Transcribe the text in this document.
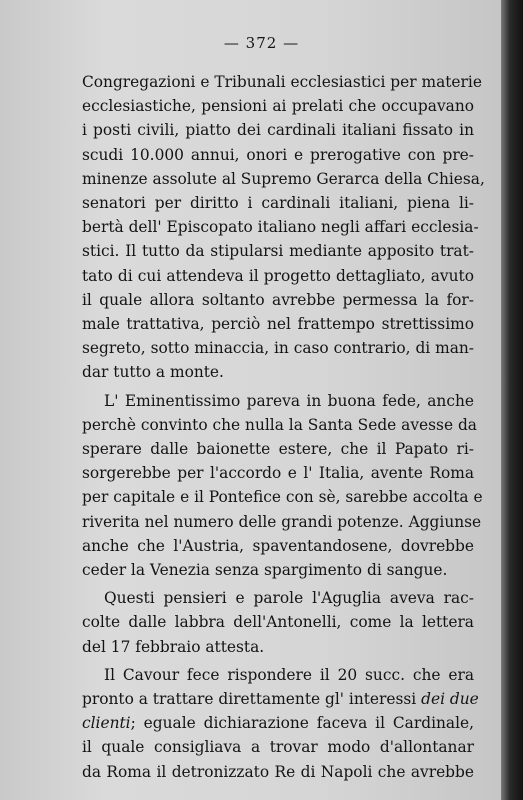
— 372 —
Congregazioni e Tribunali ecclesiastici per materie
ecclesiastiche, pensioni ai prelati che occupavano
i posti civili, piatto dei cardinali italiani fissato in
scudi 10.000 annui, onori e prerogative con pre-
minenze assolute al Supremo Gerarca della Chiesa,
senatori per diritto i cardinali italiani, piena li-
bertà dell' Episcopato italiano negli affari ecclesia-
stici. Il tutto da stipularsi mediante apposito trat-
tato di cui attendeva il progetto dettagliato, avuto
il quale allora soltanto avrebbe permessa la for-
male trattativa, perciò nel frattempo strettissimo
segreto, sotto minaccia, in caso contrario, di man-
dar tutto a monte.
L' Eminentissimo pareva in buona fede, anche
perchè convinto che nulla la Santa Sede avesse da
sperare dalle baionette estere, che il Papato ri-
sorgerebbe per l'accordo e l' Italia, avente Roma
per capitale e il Pontefice con sè, sarebbe accolta e
riverita nel numero delle grandi potenze. Aggiunse
anche che l'Austria, spaventandosene, dovrebbe
ceder la Venezia senza spargimento di sangue.
Questi pensieri e parole l'Aguglia aveva rac-
colte dalle labbra dell'Antonelli, come la lettera
del 17 febbraio attesta.
Il Cavour fece rispondere il 20 succ. che era
pronto a trattare direttamente gl' interessi dei due
clienti; eguale dichiarazione faceva il Cardinale,
il quale consigliava a trovar modo d'allontanar
da Roma il detronizzato Re di Napoli che avrebbe
